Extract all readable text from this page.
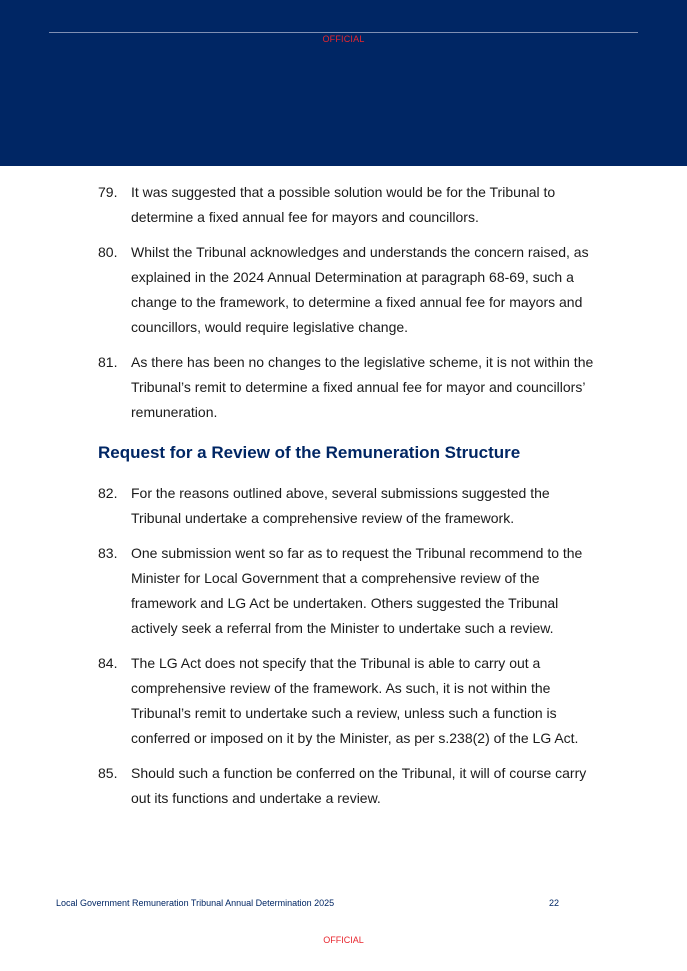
OFFICIAL
79. It was suggested that a possible solution would be for the Tribunal to determine a fixed annual fee for mayors and councillors.
80. Whilst the Tribunal acknowledges and understands the concern raised, as explained in the 2024 Annual Determination at paragraph 68-69, such a change to the framework, to determine a fixed annual fee for mayors and councillors, would require legislative change.
81. As there has been no changes to the legislative scheme, it is not within the Tribunal’s remit to determine a fixed annual fee for mayor and councillors’ remuneration.
Request for a Review of the Remuneration Structure
82. For the reasons outlined above, several submissions suggested the Tribunal undertake a comprehensive review of the framework.
83. One submission went so far as to request the Tribunal recommend to the Minister for Local Government that a comprehensive review of the framework and LG Act be undertaken. Others suggested the Tribunal actively seek a referral from the Minister to undertake such a review.
84. The LG Act does not specify that the Tribunal is able to carry out a comprehensive review of the framework. As such, it is not within the Tribunal’s remit to undertake such a review, unless such a function is conferred or imposed on it by the Minister, as per s.238(2) of the LG Act.
85. Should such a function be conferred on the Tribunal, it will of course carry out its functions and undertake a review.
Local Government Remuneration Tribunal Annual Determination 2025	22
OFFICIAL
